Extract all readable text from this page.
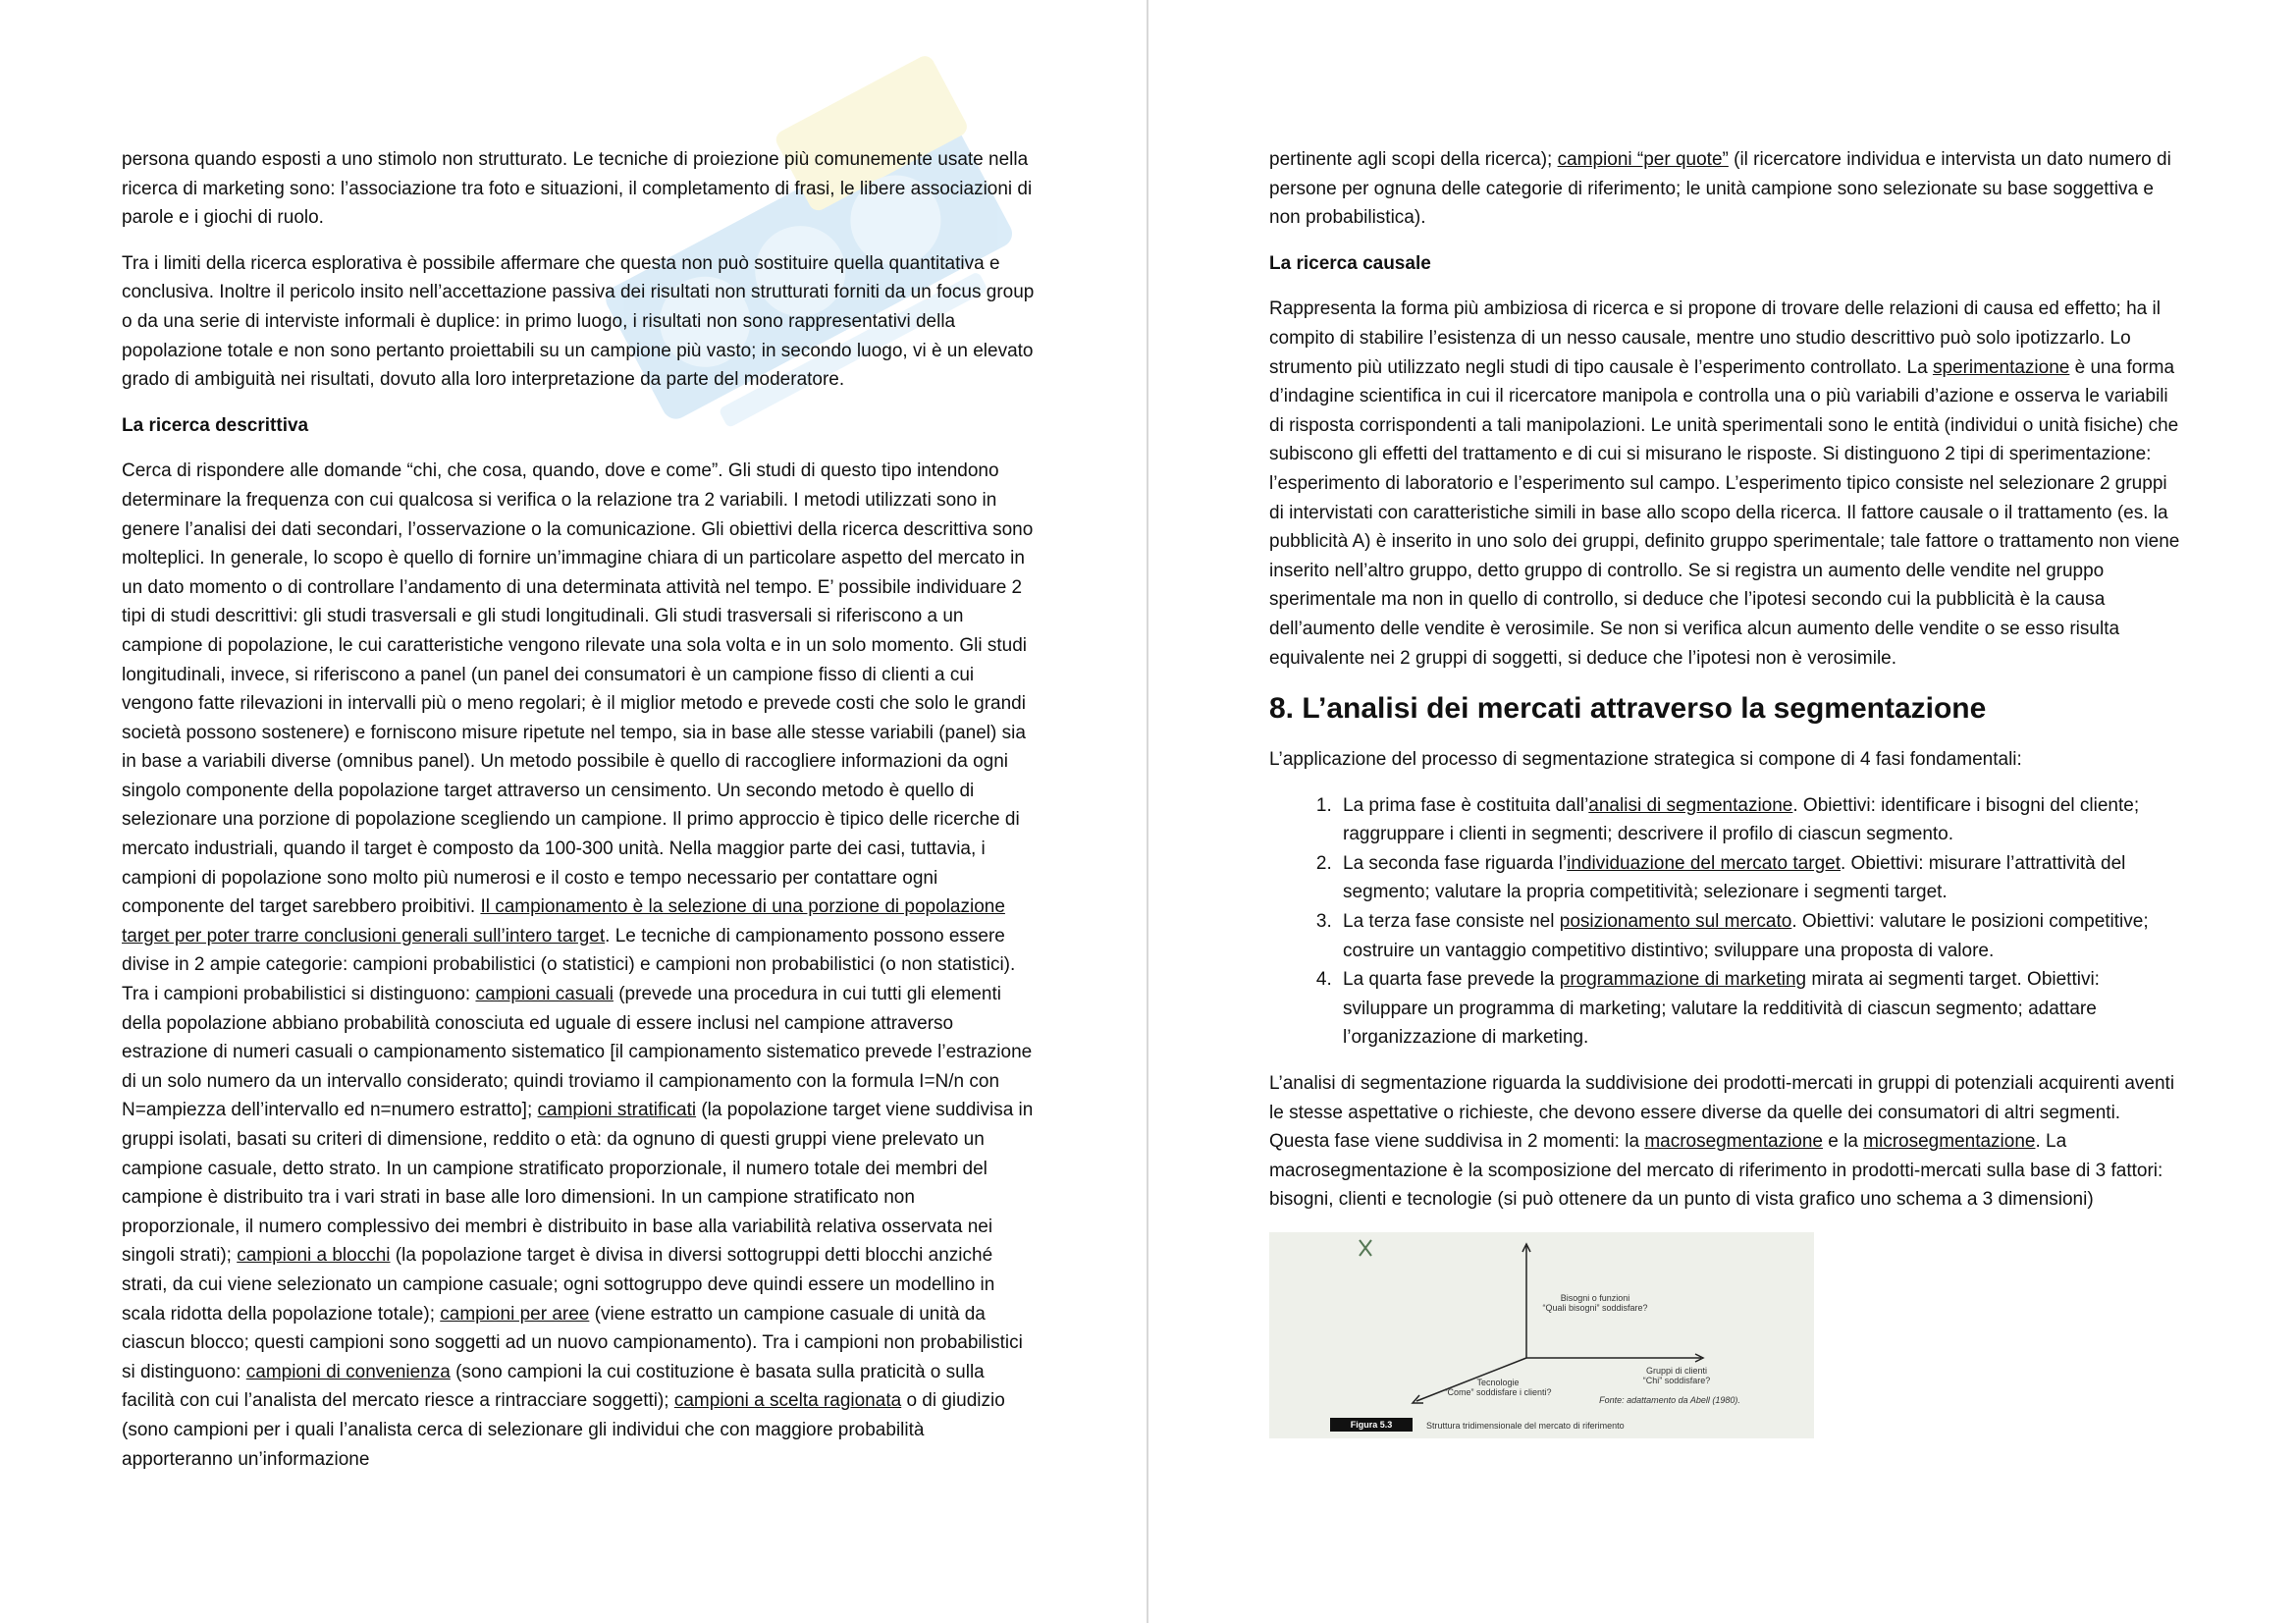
persona quando esposti a uno stimolo non strutturato. Le tecniche di proiezione più comunemente usate nella ricerca di marketing sono: l’associazione tra foto e situazioni, il completamento di frasi, le libere associazioni di parole e i giochi di ruolo.

Tra i limiti della ricerca esplorativa è possibile affermare che questa non può sostituire quella quantitativa e conclusiva. Inoltre il pericolo insito nell’accettazione passiva dei risultati non strutturati forniti da un focus group o da una serie di interviste informali è duplice: in primo luogo, i risultati non sono rappresentativi della popolazione totale e non sono pertanto proiettabili su un campione più vasto; in secondo luogo, vi è un elevato grado di ambiguità nei risultati, dovuto alla loro interpretazione da parte del moderatore.

La ricerca descrittiva

Cerca di rispondere alle domande “chi, che cosa, quando, dove e come”. Gli studi di questo tipo intendono determinare la frequenza con cui qualcosa si verifica o la relazione tra 2 variabili. I metodi utilizzati sono in genere l’analisi dei dati secondari, l’osservazione o la comunicazione. Gli obiettivi della ricerca descrittiva sono molteplici. In generale, lo scopo è quello di fornire un’immagine chiara di un particolare aspetto del mercato in un dato momento o di controllare l’andamento di una determinata attività nel tempo. E’ possibile individuare 2 tipi di studi descrittivi: gli studi trasversali e gli studi longitudinali. Gli studi trasversali si riferiscono a un campione di popolazione, le cui caratteristiche vengono rilevate una sola volta e in un solo momento. Gli studi longitudinali, invece, si riferiscono a panel (un panel dei consumatori è un campione fisso di clienti a cui vengono fatte rilevazioni in intervalli più o meno regolari; è il miglior metodo e prevede costi che solo le grandi società possono sostenere) e forniscono misure ripetute nel tempo, sia in base alle stesse variabili (panel) sia in base a variabili diverse (omnibus panel). Un metodo possibile è quello di raccogliere informazioni da ogni singolo componente della popolazione target attraverso un censimento. Un secondo metodo è quello di selezionare una porzione di popolazione scegliendo un campione. Il primo approccio è tipico delle ricerche di mercato industriali, quando il target è composto da 100-300 unità. Nella maggior parte dei casi, tuttavia, i campioni di popolazione sono molto più numerosi e il costo e tempo necessario per contattare ogni componente del target sarebbero proibitivi. Il campionamento è la selezione di una porzione di popolazione target per poter trarre conclusioni generali sull’intero target. Le tecniche di campionamento possono essere divise in 2 ampie categorie: campioni probabilistici (o statistici) e campioni non probabilistici (o non statistici). Tra i campioni probabilistici si distinguono: campioni casuali (prevede una procedura in cui tutti gli elementi della popolazione abbiano probabilità conosciuta ed uguale di essere inclusi nel campione attraverso estrazione di numeri casuali o campionamento sistematico [il campionamento sistematico prevede l’estrazione di un solo numero da un intervallo considerato; quindi troviamo il campionamento con la formula I=N/n con N=ampiezza dell’intervallo ed n=numero estratto]; campioni stratificati (la popolazione target viene suddivisa in gruppi isolati, basati su criteri di dimensione, reddito o età: da ognuno di questi gruppi viene prelevato un campione casuale, detto strato. In un campione stratificato proporzionale, il numero totale dei membri del campione è distribuito tra i vari strati in base alle loro dimensioni. In un campione stratificato non proporzionale, il numero complessivo dei membri è distribuito in base alla variabilità relativa osservata nei singoli strati); campioni a blocchi (la popolazione target è divisa in diversi sottogruppi detti blocchi anziché strati, da cui viene selezionato un campione casuale; ogni sottogruppo deve quindi essere un modellino in scala ridotta della popolazione totale); campioni per aree (viene estratto un campione casuale di unità da ciascun blocco; questi campioni sono soggetti ad un nuovo campionamento). Tra i campioni non probabilistici si distinguono: campioni di convenienza (sono campioni la cui costituzione è basata sulla praticità o sulla facilità con cui l’analista del mercato riesce a rintracciare soggetti); campioni a scelta ragionata o di giudizio (sono campioni per i quali l’analista cerca di selezionare gli individui che con maggiore probabilità apporteranno un’informazione

pertinente agli scopi della ricerca); campioni “per quote” (il ricercatore individua e intervista un dato numero di persone per ognuna delle categorie di riferimento; le unità campione sono selezionate su base soggettiva e non probabilistica).

La ricerca causale

Rappresenta la forma più ambiziosa di ricerca e si propone di trovare delle relazioni di causa ed effetto; ha il compito di stabilire l’esistenza di un nesso causale, mentre uno studio descrittivo può solo ipotizzarlo. Lo strumento più utilizzato negli studi di tipo causale è l’esperimento controllato. La sperimentazione è una forma d’indagine scientifica in cui il ricercatore manipola e controlla una o più variabili d’azione e osserva le variabili di risposta corrispondenti a tali manipolazioni. Le unità sperimentali sono le entità (individui o unità fisiche) che subiscono gli effetti del trattamento e di cui si misurano le risposte. Si distinguono 2 tipi di sperimentazione: l’esperimento di laboratorio e l’esperimento sul campo. L’esperimento tipico consiste nel selezionare 2 gruppi di intervistati con caratteristiche simili in base allo scopo della ricerca. Il fattore causale o il trattamento (es. la pubblicità A) è inserito in uno solo dei gruppi, definito gruppo sperimentale; tale fattore o trattamento non viene inserito nell’altro gruppo, detto gruppo di controllo. Se si registra un aumento delle vendite nel gruppo sperimentale ma non in quello di controllo, si deduce che l’ipotesi secondo cui la pubblicità è la causa dell’aumento delle vendite è verosimile. Se non si verifica alcun aumento delle vendite o se esso risulta equivalente nei 2 gruppi di soggetti, si deduce che l’ipotesi non è verosimile.

8. L’analisi dei mercati attraverso la segmentazione

L’applicazione del processo di segmentazione strategica si compone di 4 fasi fondamentali:

1. La prima fase è costituita dall’analisi di segmentazione. Obiettivi: identificare i bisogni del cliente; raggruppare i clienti in segmenti; descrivere il profilo di ciascun segmento.
2. La seconda fase riguarda l’individuazione del mercato target. Obiettivi: misurare l’attrattività del segmento; valutare la propria competitività; selezionare i segmenti target.
3. La terza fase consiste nel posizionamento sul mercato. Obiettivi: valutare le posizioni competitive; costruire un vantaggio competitivo distintivo; sviluppare una proposta di valore.
4. La quarta fase prevede la programmazione di marketing mirata ai segmenti target. Obiettivi: sviluppare un programma di marketing; valutare la redditività di ciascun segmento; adattare l’organizzazione di marketing.

L’analisi di segmentazione riguarda la suddivisione dei prodotti-mercati in gruppi di potenziali acquirenti aventi le stesse aspettative o richieste, che devono essere diverse da quelle dei consumatori di altri segmenti. Questa fase viene suddivisa in 2 momenti: la macrosegmentazione e la microsegmentazione. La macrosegmentazione è la scomposizione del mercato di riferimento in prodotti-mercati sulla base di 3 fattori: bisogni, clienti e tecnologie (si può ottenere da un punto di vista grafico uno schema a 3 dimensioni)

Bisogni o funzioni
“Quali bisogni” soddisfare?
Gruppi di clienti
“Chi” soddisfare?
Tecnologie
“Come” soddisfare i clienti?
Fonte: adattamento da Abell (1980).
Figura 5.3	Struttura tridimensionale del mercato di riferimento
